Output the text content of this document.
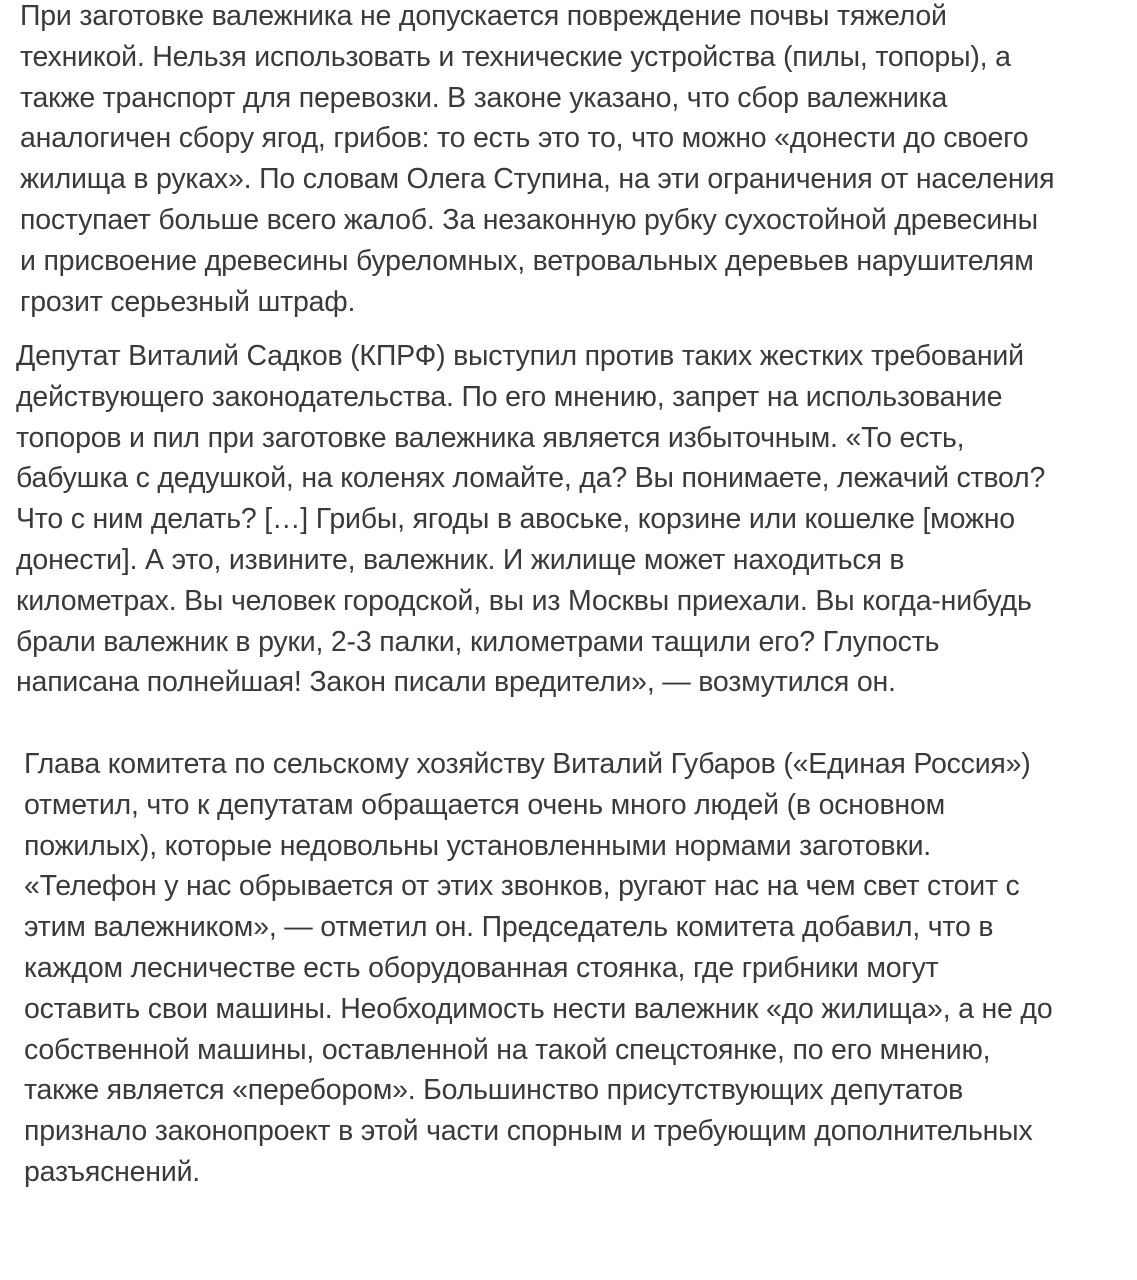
При заготовке валежника не допускается повреждение почвы тяжелой
техникой. Нельзя использовать и технические устройства (пилы, топоры), а
также транспорт для перевозки. В законе указано, что сбор валежника
аналогичен сбору ягод, грибов: то есть это то, что можно «донести до своего
жилища в руках». По словам Олега Ступина, на эти ограничения от населения
поступает больше всего жалоб. За незаконную рубку сухостойной древесины
и присвоение древесины буреломных, ветровальных деревьев нарушителям
грозит серьезный штраф.

Депутат Виталий Садков (КПРФ) выступил против таких жестких требований
действующего законодательства. По его мнению, запрет на использование
топоров и пил при заготовке валежника является избыточным. «То есть,
бабушка с дедушкой, на коленях ломайте, да? Вы понимаете, лежачий ствол?
Что с ним делать? […] Грибы, ягоды в авоське, корзине или кошелке [можно
донести]. А это, извините, валежник. И жилище может находиться в
километрах. Вы человек городской, вы из Москвы приехали. Вы когда-нибудь
брали валежник в руки, 2-3 палки, километрами тащили его? Глупость
написана полнейшая! Закон писали вредители», — возмутился он.

Глава комитета по сельскому хозяйству Виталий Губаров («Единая Россия»)
отметил, что к депутатам обращается очень много людей (в основном
пожилых), которые недовольны установленными нормами заготовки.
«Телефон у нас обрывается от этих звонков, ругают нас на чем свет стоит с
этим валежником», — отметил он. Председатель комитета добавил, что в
каждом лесничестве есть оборудованная стоянка, где грибники могут
оставить свои машины. Необходимость нести валежник «до жилища», а не до
собственной машины, оставленной на такой спецстоянке, по его мнению,
также является «перебором». Большинство присутствующих депутатов
признало законопроект в этой части спорным и требующим дополнительных
разъяснений.
